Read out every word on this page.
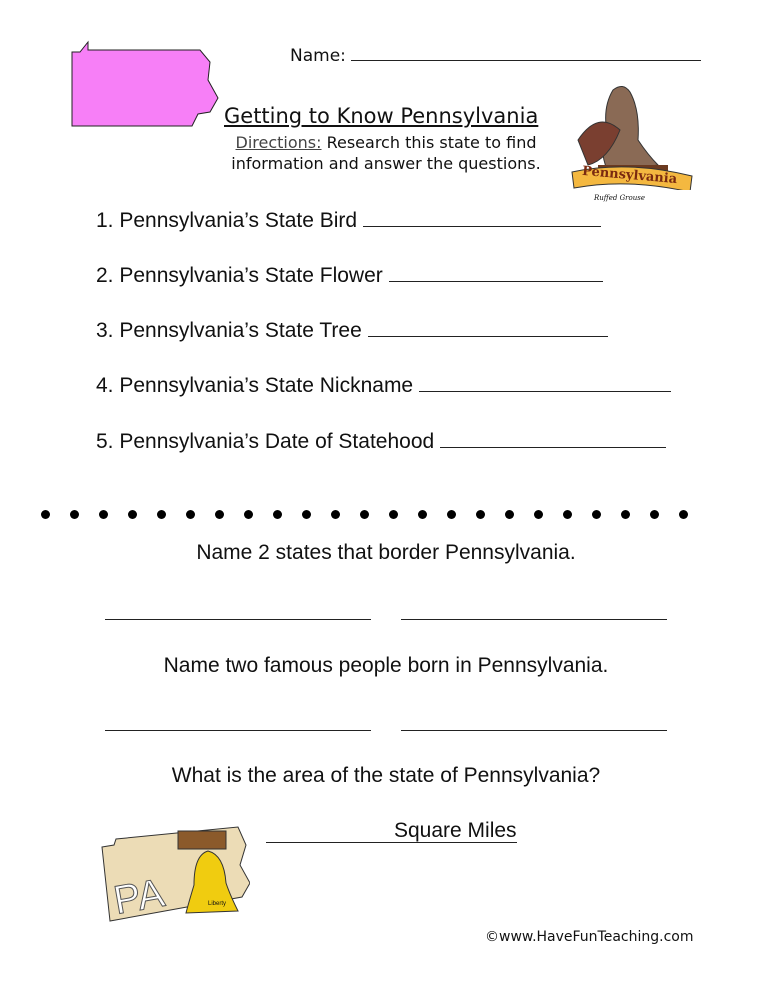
Name:
Getting to Know Pennsylvania
Directions: Research this state to find
information and answer the questions.
Pennsylvania
Ruffed Grouse
1. Pennsylvania’s State Bird
2. Pennsylvania’s State Flower
3. Pennsylvania’s State Tree
4. Pennsylvania’s State Nickname
5. Pennsylvania’s Date of Statehood
Name 2 states that border Pennsylvania.
Name two famous people born in Pennsylvania.
What is the area of the state of Pennsylvania?
Square Miles
PA	Liberty
©www.HaveFunTeaching.com
